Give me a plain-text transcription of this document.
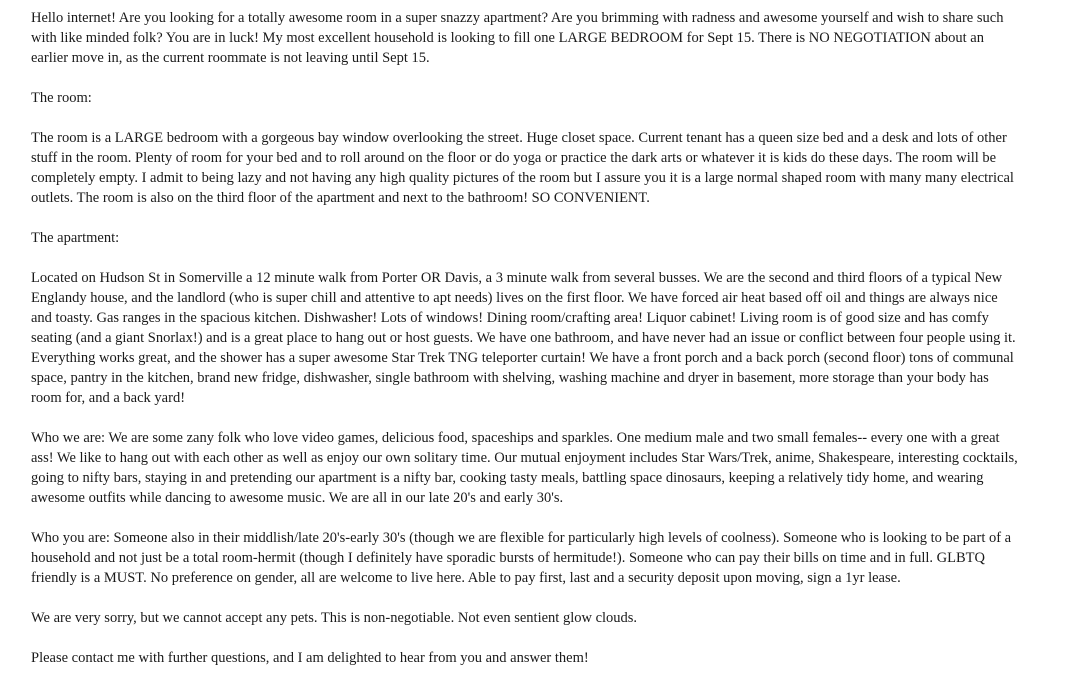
Hello internet! Are you looking for a totally awesome room in a super snazzy apartment? Are you brimming with radness and awesome yourself and wish to share such with like minded folk? You are in luck! My most excellent household is looking to fill one LARGE BEDROOM for Sept 15. There is NO NEGOTIATION about an earlier move in, as the current roommate is not leaving until Sept 15.

The room:

The room is a LARGE bedroom with a gorgeous bay window overlooking the street. Huge closet space. Current tenant has a queen size bed and a desk and lots of other stuff in the room. Plenty of room for your bed and to roll around on the floor or do yoga or practice the dark arts or whatever it is kids do these days. The room will be completely empty. I admit to being lazy and not having any high quality pictures of the room but I assure you it is a large normal shaped room with many many electrical outlets. The room is also on the third floor of the apartment and next to the bathroom! SO CONVENIENT.

The apartment:

Located on Hudson St in Somerville a 12 minute walk from Porter OR Davis, a 3 minute walk from several busses. We are the second and third floors of a typical New Englandy house, and the landlord (who is super chill and attentive to apt needs) lives on the first floor. We have forced air heat based off oil and things are always nice and toasty. Gas ranges in the spacious kitchen. Dishwasher! Lots of windows! Dining room/crafting area! Liquor cabinet! Living room is of good size and has comfy seating (and a giant Snorlax!) and is a great place to hang out or host guests. We have one bathroom, and have never had an issue or conflict between four people using it. Everything works great, and the shower has a super awesome Star Trek TNG teleporter curtain! We have a front porch and a back porch (second floor) tons of communal space, pantry in the kitchen, brand new fridge, dishwasher, single bathroom with shelving, washing machine and dryer in basement, more storage than your body has room for, and a back yard!

Who we are: We are some zany folk who love video games, delicious food, spaceships and sparkles. One medium male and two small females-- every one with a great ass! We like to hang out with each other as well as enjoy our own solitary time. Our mutual enjoyment includes Star Wars/Trek, anime, Shakespeare, interesting cocktails, going to nifty bars, staying in and pretending our apartment is a nifty bar, cooking tasty meals, battling space dinosaurs, keeping a relatively tidy home, and wearing awesome outfits while dancing to awesome music. We are all in our late 20's and early 30's.

Who you are: Someone also in their middlish/late 20's-early 30's (though we are flexible for particularly high levels of coolness). Someone who is looking to be part of a household and not just be a total room-hermit (though I definitely have sporadic bursts of hermitude!). Someone who can pay their bills on time and in full. GLBTQ friendly is a MUST. No preference on gender, all are welcome to live here. Able to pay first, last and a security deposit upon moving, sign a 1yr lease.

We are very sorry, but we cannot accept any pets. This is non-negotiable. Not even sentient glow clouds.

Please contact me with further questions, and I am delighted to hear from you and answer them!
